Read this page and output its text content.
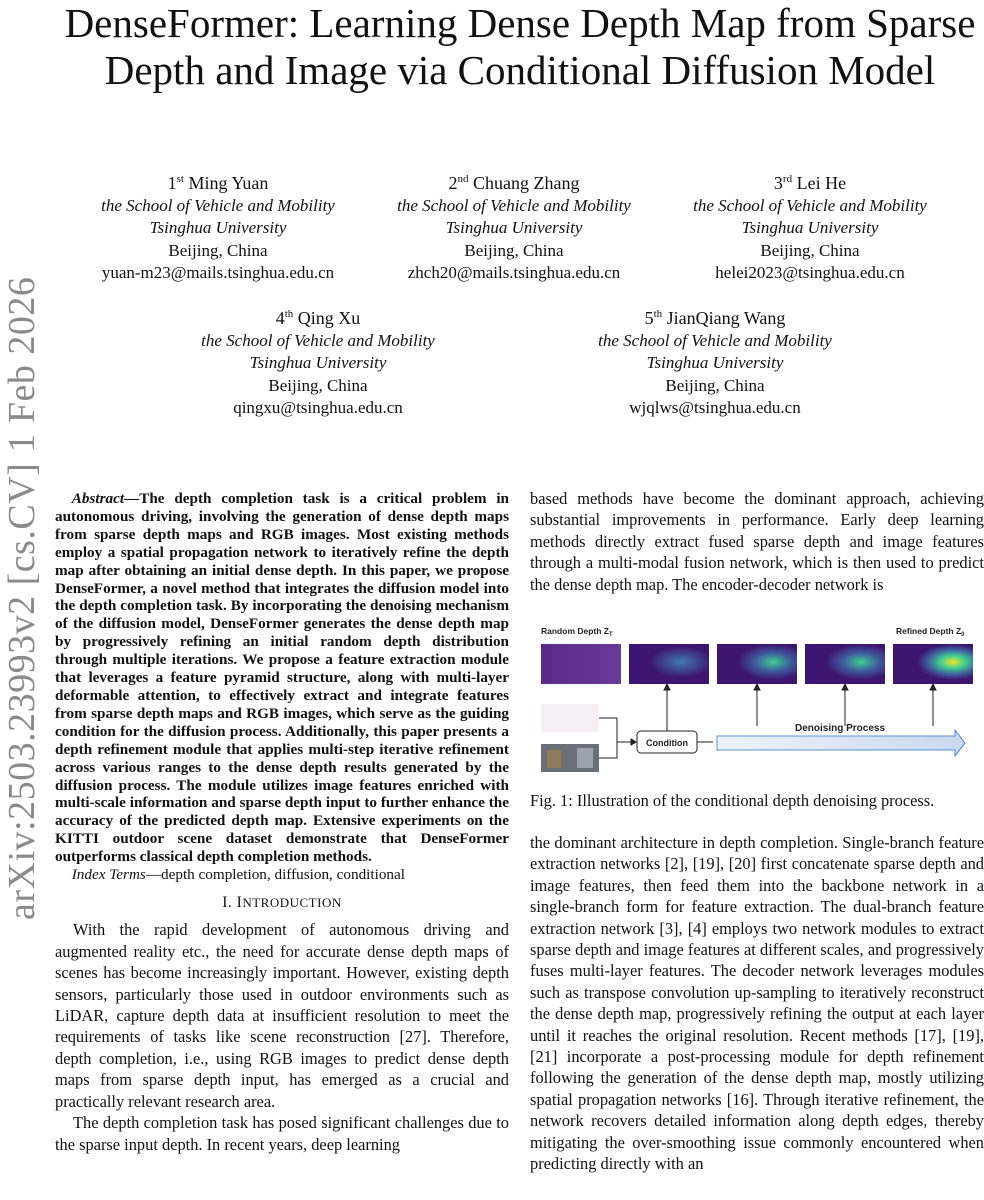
arXiv:2503.23993v2 [cs.CV] 1 Feb 2026
DenseFormer: Learning Dense Depth Map from Sparse Depth and Image via Conditional Diffusion Model
1st Ming Yuan
the School of Vehicle and Mobility
Tsinghua University
Beijing, China
yuan-m23@mails.tsinghua.edu.cn
2nd Chuang Zhang
the School of Vehicle and Mobility
Tsinghua University
Beijing, China
zhch20@mails.tsinghua.edu.cn
3rd Lei He
the School of Vehicle and Mobility
Tsinghua University
Beijing, China
helei2023@tsinghua.edu.cn
4th Qing Xu
the School of Vehicle and Mobility
Tsinghua University
Beijing, China
qingxu@tsinghua.edu.cn
5th JianQiang Wang
the School of Vehicle and Mobility
Tsinghua University
Beijing, China
wjqlws@tsinghua.edu.cn

Abstract—The depth completion task is a critical problem in autonomous driving, involving the generation of dense depth maps from sparse depth maps and RGB images. Most existing methods employ a spatial propagation network to iteratively refine the depth map after obtaining an initial dense depth. In this paper, we propose DenseFormer, a novel method that integrates the diffusion model into the depth completion task. By incorporating the denoising mechanism of the diffusion model, DenseFormer generates the dense depth map by progressively refining an initial random depth distribution through multiple iterations. We propose a feature extraction module that leverages a feature pyramid structure, along with multi-layer deformable attention, to effectively extract and integrate features from sparse depth maps and RGB images, which serve as the guiding condition for the diffusion process. Additionally, this paper presents a depth refinement module that applies multi-step iterative refinement across various ranges to the dense depth results generated by the diffusion process. The module utilizes image features enriched with multi-scale information and sparse depth input to further enhance the accuracy of the predicted depth map. Extensive experiments on the KITTI outdoor scene dataset demonstrate that DenseFormer outperforms classical depth completion methods.

Index Terms—depth completion, diffusion, conditional

I. INTRODUCTION

With the rapid development of autonomous driving and augmented reality etc., the need for accurate dense depth maps of scenes has become increasingly important. However, existing depth sensors, particularly those used in outdoor environments such as LiDAR, capture depth data at insufficient resolution to meet the requirements of tasks like scene reconstruction [27]. Therefore, depth completion, i.e., using RGB images to predict dense depth maps from sparse depth input, has emerged as a crucial and practically relevant research area.

The depth completion task has posed significant challenges due to the sparse input depth. In recent years, deep learning

based methods have become the dominant approach, achieving substantial improvements in performance. Early deep learning methods directly extract fused sparse depth and image features through a multi-modal fusion network, which is then used to predict the dense depth map. The encoder-decoder network is

Random Depth $Z_T$	Refined Depth $Z_0$
Condition
Denoising Process
Fig. 1: Illustration of the conditional depth denoising process.

the dominant architecture in depth completion. Single-branch feature extraction networks [2], [19], [20] first concatenate sparse depth and image features, then feed them into the backbone network in a single-branch form for feature extraction. The dual-branch feature extraction network [3], [4] employs two network modules to extract sparse depth and image features at different scales, and progressively fuses multi-layer features. The decoder network leverages modules such as transpose convolution up-sampling to iteratively reconstruct the dense depth map, progressively refining the output at each layer until it reaches the original resolution. Recent methods [17], [19], [21] incorporate a post-processing module for depth refinement following the generation of the dense depth map, mostly utilizing spatial propagation networks [16]. Through iterative refinement, the network recovers detailed information along depth edges, thereby mitigating the over-smoothing issue commonly encountered when predicting directly with an
